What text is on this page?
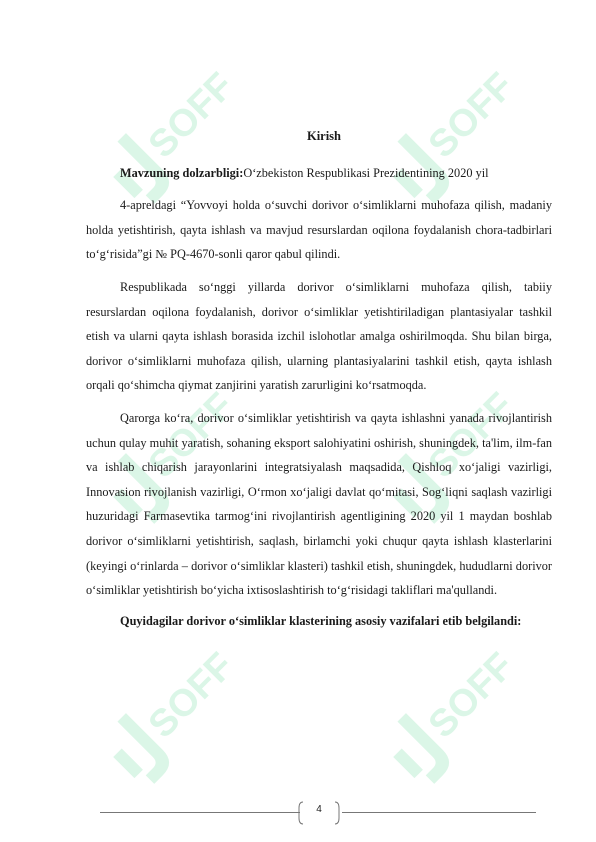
SOFF	SOFF
SOFF	SOFF
SOFF	SOFF

Kirish

Mavzuning dolzarbligi:O‘zbekiston Respublikasi Prezidentining 2020 yil

4-apreldagi “Yovvoyi holda o‘suvchi dorivor o‘simliklarni muhofaza qilish, madaniy holda yetishtirish, qayta ishlash va mavjud resurslardan oqilona foydalanish chora-tadbirlari to‘g‘risida”gi № PQ-4670-sonli qaror qabul qilindi.

Respublikada so‘nggi yillarda dorivor o‘simliklarni muhofaza qilish, tabiiy resurslardan oqilona foydalanish, dorivor o‘simliklar yetishtiriladigan plantasiyalar tashkil etish va ularni qayta ishlash borasida izchil islohotlar amalga oshirilmoqda. Shu bilan birga, dorivor o‘simliklarni muhofaza qilish, ularning plantasiyalarini tashkil etish, qayta ishlash orqali qo‘shimcha qiymat zanjirini yaratish zarurligini ko‘rsatmoqda.

Qarorga ko‘ra, dorivor o‘simliklar yetishtirish va qayta ishlashni yanada rivojlantirish uchun qulay muhit yaratish, sohaning eksport salohiyatini oshirish, shuningdek, ta'lim, ilm-fan va ishlab chiqarish jarayonlarini integratsiyalash maqsadida, Qishloq xo‘jaligi vazirligi, Innovasion rivojlanish vazirligi, O‘rmon xo‘jaligi davlat qo‘mitasi, Sog‘liqni saqlash vazirligi huzuridagi Farmasevtika tarmog‘ini rivojlantirish agentligining 2020 yil 1 maydan boshlab dorivor o‘simliklarni yetishtirish, saqlash, birlamchi yoki chuqur qayta ishlash klasterlarini (keyingi o‘rinlarda – dorivor o‘simliklar klasteri) tashkil etish, shuningdek, hududlarni dorivor o‘simliklar yetishtirish bo‘yicha ixtisoslashtirish to‘g‘risidagi takliflari ma'qullandi.

Quyidagilar dorivor o‘simliklar klasterining asosiy vazifalari etib belgilandi:

4
